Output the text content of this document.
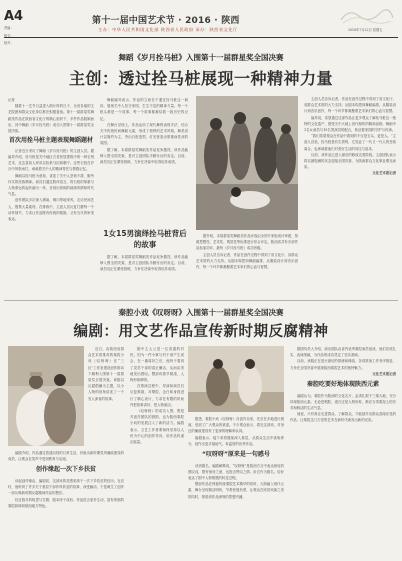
A4
责编：
版式：
校对：
第十一届中国艺术节 · 2016 · 陕西
主办：中华人民共和国文化部 陕西省人民政府 承办：陕西省文化厅	2016年7月22日 星期五
舞蹈《岁月拴马桩》入围第十一届群星奖全国决赛
主创：透过拴马桩展现一种精神力量
记者

随着十一艺节日益进入倒计时的日子，全省各地的文艺院团和群众文化单位都在积极备战。第十一届群星奖舞蹈类作品在陕西省文化厅的精心组织下，多件作品脱颖而出，其中舞蹈《岁月拴马桩》成功入围第十一届群星奖全国决赛。

首次用拴马桩主题表现舞蹈题材

记者近日采访了舞蹈《岁月拴马桩》的主创人员。据编导介绍，拴马桩是关中地区古老民居建筑中的一种石刻艺术，过去富裕人家用以拴系马匹和骡子。这些石桩在岁月中风吹雨打，承载着关中人的精神寄托与情感记忆。

舞蹈以拴马桩为意象，讲述了关中人坚韧不拔、勤劳朴实的民族精神。演员们通过肢体语言，将石桩的厚重与人物命运的起伏融为一体，呈现出浓郁的地域风情和时代气息。

创作团队多次深入渭南、铜川等地采风，走访民间艺人，搜集大量素材。在排练中，主创人员反复打磨每一个动作细节，力求让作品既有传统的根脉，又有当代的审美表达。

舞蹈编导表示，作品的立意在于通过拴马桩这一载体，展现关中人坚守家园、生生不息的精神力量。每一个桩头都是一个故事，每一个故事都凝结着一段历史的记忆。

在舞台呈现上，作品运用了现代舞的表现手法，结合关中传统民间舞蹈元素，形成了独特的艺术风格。舞美设计以简约为主，突出石桩造型，灯光营造出厚重而苍凉的氛围。

据了解，本届群星奖舞蹈类作品竞争激烈，该作品能够入围全国决赛，是对主创团队辛勤付出的肯定。目前，演员们正在紧张排练，力争在决赛中取得优异成绩。

1女15男演绎拴马桩背后的故事

据了解，本届群星奖舞蹈类作品竞争激烈，该作品能够入围全国决赛，是对主创团队辛勤付出的肯定。目前，演员们正在紧张排练，力争在决赛中取得优异成绩。

据介绍，本届群星奖舞蹈类作品评选由全国专家组成评审团，按照思想性、艺术性、观赏性等标准进行综合评定。陕西省共有多部作品参加初评，最终《岁月拴马桩》成功晋级。

主创人员告诉记者，作品在创作过程中得到了省文化厅、省群众艺术馆的大力支持。从剧本构思到舞蹈编排，从服装设计到音乐创作，每一个环节都凝聚着艺术家们的心血与智慧。

主创人员告诉记者，作品在创作过程中得到了省文化厅、省群众艺术馆的大力支持。从剧本构思到舞蹈编排，从服装设计到音乐创作，每一个环节都凝聚着艺术家们的心血与智慧。

编导说，希望通过这部作品让更多观众了解拴马桩这一独特的文化遗产，感受关中大地上世代相传的精神品格。舞蹈中1名女演员与15名男演员的配合，象征着家园的守护与传承。

“我们希望观众在作品中看到的不仅是石头，更是人。”主创人员说，拴马桩是有生命的，它见证了一代又一代人的悲欢离合，也承载着他们对美好生活的向往与追求。

目前，该作品已进入最后的修改完善阶段。主创团队表示将以最饱满的状态迎接全国决赛，为陕西群众文化事业增光添彩。

文化艺术报记者
秦腔小戏《叹呀呀》入围第十一届群星奖全国决赛
编剧：用文艺作品宣传新时期反腐精神

近日，由陕西省群众艺术馆推荐的秦腔小戏《叹呀呀》在“三区”工作室建设创作推动下顺利入围第十一届群星奖全国决赛。该剧以反腐倡廉为主题，以小人物的视角讲述了一个发人深省的故事。

编剧介绍，作品通过普通百姓的日常生活，折射出新时期党风廉政建设的成效，让观众在笑声中受到教育与启迪。

创作缘起一次下乡扶贫

谈起创作缘由，编剧说，这部戏的灵感来源于一次下乡扶贫的经历。在农村，他听到了许多关于基层干部作风转变的故事，深受触动，于是萌生了创作一部反映新时期反腐精神作品的想法。

经过数月的构思与打磨，剧本终于成形。作品语言质朴生动，富有浓郁的秦腔韵味和陕西地方特色。

剧中主人公是一位普通的村民，因为一件小事与村干部产生误会，在一番周折之后，他终于看到了党员干部的清正廉洁，从而由衷地发出感叹。整部戏情节紧凑，人物形象鲜明。

在排演过程中，导演和演员们反复推敲，对唱腔、念白和身段进行了精心设计，力求在有限的时间内把故事讲好、把人物演活。

《叹呀呀》的成功入围，既是对创作团队的鼓励，也为陕西秦腔小戏的发展注入了新的活力。编剧表示，文艺工作者要始终坚持以人民为中心的创作导向，用作品传递正能量。

据悉，秦腔小戏《叹呀呀》自创作以来，先后在多地进行展演，受到了广大观众的欢迎。不少观众表示，看完这部戏，对身边的廉政建设有了更深的理解和认同。

编剧表示，接下来将继续深入基层，从群众生活中汲取养分，创作出更多接地气、有温度的优秀作品。

“叹呀呀”原来是一句感号

谈到剧名，编剧解释说，“叹呀呀”是陕西方言中表达惊叹的感叹词，既有惊讶之意，也饱含赞叹之情。用它作为剧名，恰好表达了剧中人物情感的转变过程。

整部作品在保留传统秦腔艺术精华的同时，大胆融入现代元素，舞台呈现简洁明快，节奏张弛有度，让观众在欣赏戏曲之美的同时，领悟到作品深刻的思想内涵。

剧团负责人介绍，演出团队由省内优秀秦腔演员组成，他们功底扎实、表演细腻，为作品的成功奠定了坚实基础。

目前，该剧正在进行最后的排练和修改，各项准备工作有序推进，力争在全国决赛中展现陕西秦腔艺术的独特魅力。

文化艺术报记者
秦腔吃要好地体现陕西元素

编剧认为，秦腔作为陕西的文化名片，必须扎根于三秦大地，充分体现陕西元素。无论是唱腔、道白还是人物形象，都应当带着泥土的芬芳和鲜活的生活气息。

他说，只有真正走进群众、了解群众，才能创作出群众喜闻乐见的作品，让秦腔这门古老的艺术在新时代焕发出新的光彩。
